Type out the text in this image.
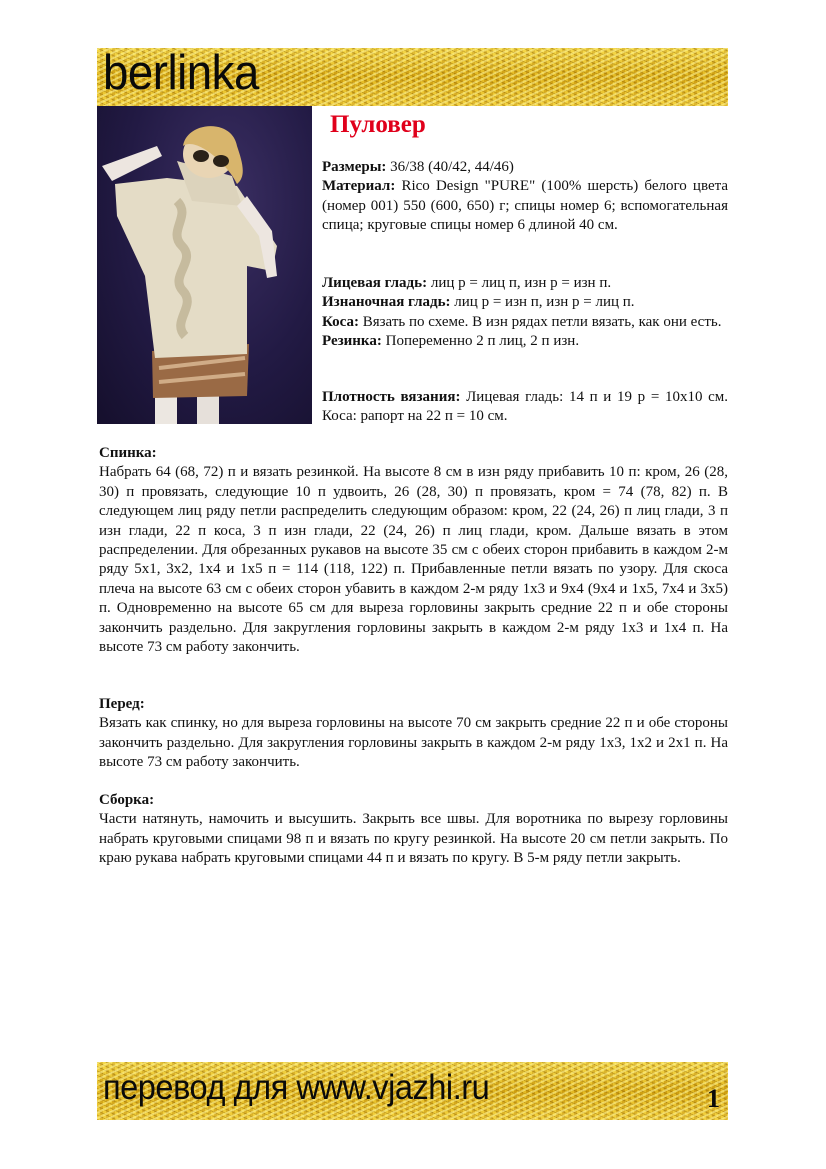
berlinka
Пуловер
Размеры: 36/38 (40/42, 44/46)
Материал: Rico Design "PURE" (100% шерсть) белого цвета (номер 001) 550 (600, 650) г; спицы номер 6; вспомогательная спица; круговые спицы номер 6 длиной 40 см.
Лицевая гладь: лиц р = лиц п, изн р = изн п.
Изнаночная гладь: лиц р = изн п, изн р = лиц п.
Коса: Вязать по схеме. В изн рядах петли вязать, как они есть.
Резинка: Попеременно 2 п лиц, 2 п изн.
Плотность вязания: Лицевая гладь: 14 п и 19 р = 10х10 см. Коса: рапорт на 22 п = 10 см.
Спинка:

Набрать 64 (68, 72) п и вязать резинкой. На высоте 8 см в изн ряду прибавить 10 п: кром, 26 (28, 30) п провязать, следующие 10 п удвоить, 26 (28, 30) п провязать, кром = 74 (78, 82) п. В следующем лиц ряду петли распределить следующим образом: кром, 22 (24, 26) п лиц глади, 3 п изн глади, 22 п коса, 3 п изн глади, 22 (24, 26) п лиц глади, кром. Дальше вязать в этом распределении. Для обрезанных рукавов на высоте 35 см с обеих сторон прибавить в каждом 2-м ряду 5х1, 3х2, 1х4 и 1х5 п = 114 (118, 122) п. Прибавленные петли вязать по узору. Для скоса плеча на высоте 63 см с обеих сторон убавить в каждом 2-м ряду 1х3 и 9х4 (9х4 и 1х5, 7х4 и 3х5) п. Одновременно на высоте 65 см для выреза горловины закрыть средние 22 п и обе стороны закончить раздельно. Для закругления горловины закрыть в каждом 2-м ряду 1х3 и 1х4 п. На высоте 73 см работу закончить.

Перед:

Вязать как спинку, но для выреза горловины на высоте 70 см закрыть средние 22 п и обе стороны закончить раздельно. Для закругления горловины закрыть в каждом 2-м ряду 1х3, 1х2 и 2х1 п. На высоте 73 см работу закончить.

Сборка:

Части натянуть, намочить и высушить. Закрыть все швы. Для воротника по вырезу горловины набрать круговыми спицами 98 п и вязать по кругу резинкой. На высоте 20 см петли закрыть. По краю рукава набрать круговыми спицами 44 п и вязать по кругу. В 5-м ряду петли закрыть.

перевод для www.vjazhi.ru	1
